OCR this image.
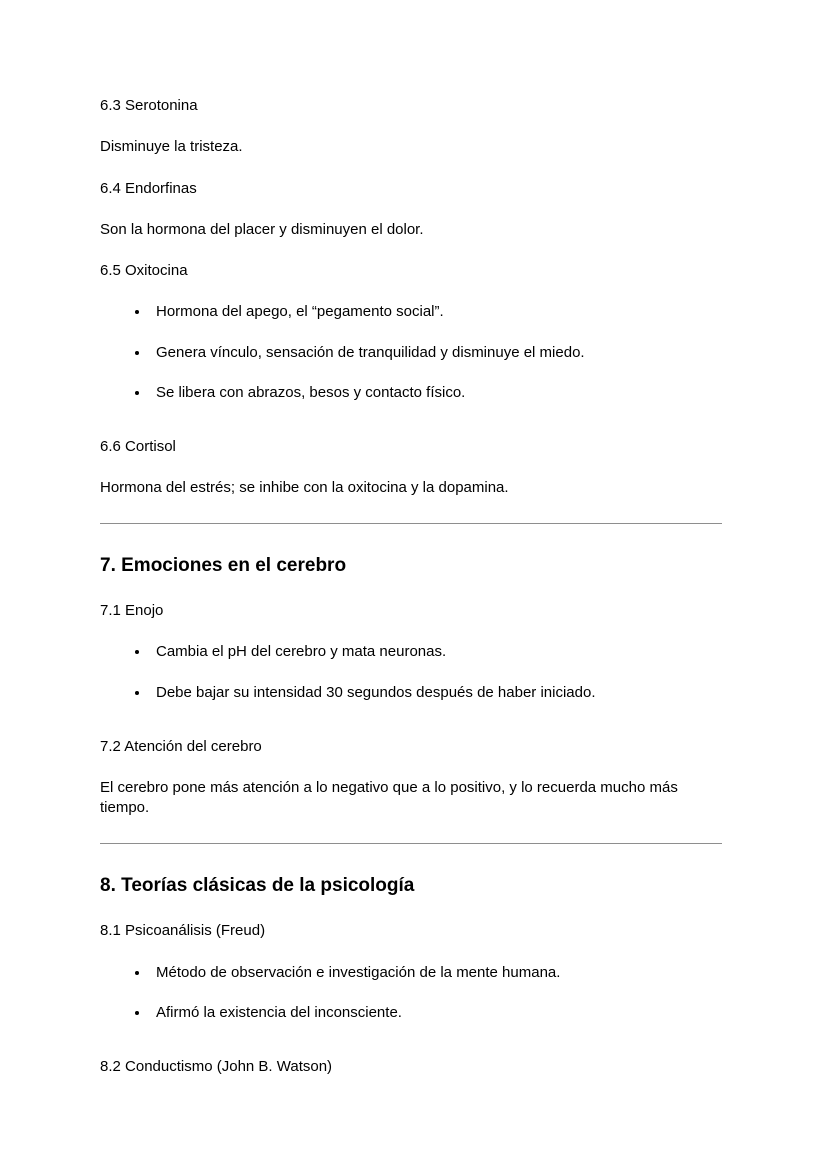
6.3 Serotonina

Disminuye la tristeza.

6.4 Endorfinas

Son la hormona del placer y disminuyen el dolor.

6.5 Oxitocina

• Hormona del apego, el “pegamento social”.
• Genera vínculo, sensación de tranquilidad y disminuye el miedo.
• Se libera con abrazos, besos y contacto físico.

6.6 Cortisol

Hormona del estrés; se inhibe con la oxitocina y la dopamina.

7. Emociones en el cerebro

7.1 Enojo

• Cambia el pH del cerebro y mata neuronas.
• Debe bajar su intensidad 30 segundos después de haber iniciado.

7.2 Atención del cerebro

El cerebro pone más atención a lo negativo que a lo positivo, y lo recuerda mucho más tiempo.

8. Teorías clásicas de la psicología

8.1 Psicoanálisis (Freud)

• Método de observación e investigación de la mente humana.
• Afirmó la existencia del inconsciente.

8.2 Conductismo (John B. Watson)
